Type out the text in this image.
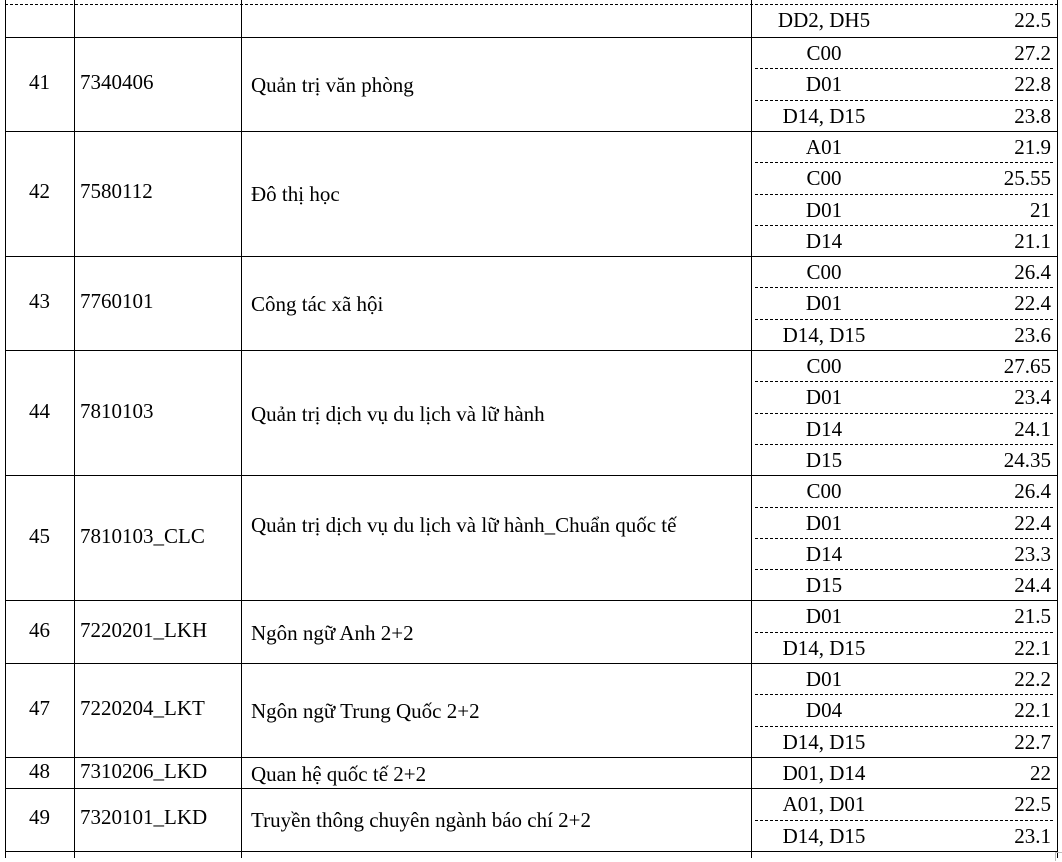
DD2, DH5	22.5
41	7340406	Quản trị văn phòng
C00	27.2
D01	22.8
D14, D15	23.8
42	7580112	Đô thị học
A01	21.9
C00	25.55
D01	21
D14	21.1
43	7760101	Công tác xã hội
C00	26.4
D01	22.4
D14, D15	23.6
44	7810103	Quản trị dịch vụ du lịch và lữ hành
C00	27.65
D01	23.4
D14	24.1
D15	24.35
45	7810103_CLC	Quản trị dịch vụ du lịch và lữ hành_Chuẩn quốc tế
C00	26.4
D01	22.4
D14	23.3
D15	24.4
46	7220201_LKH	Ngôn ngữ Anh 2+2
D01	21.5
D14, D15	22.1
47	7220204_LKT	Ngôn ngữ Trung Quốc 2+2
D01	22.2
D04	22.1
D14, D15	22.7
48	7310206_LKD	Quan hệ quốc tế 2+2	D01, D14	22
49	7320101_LKD	Truyền thông chuyên ngành báo chí 2+2
A01, D01	22.5
D14, D15	23.1
